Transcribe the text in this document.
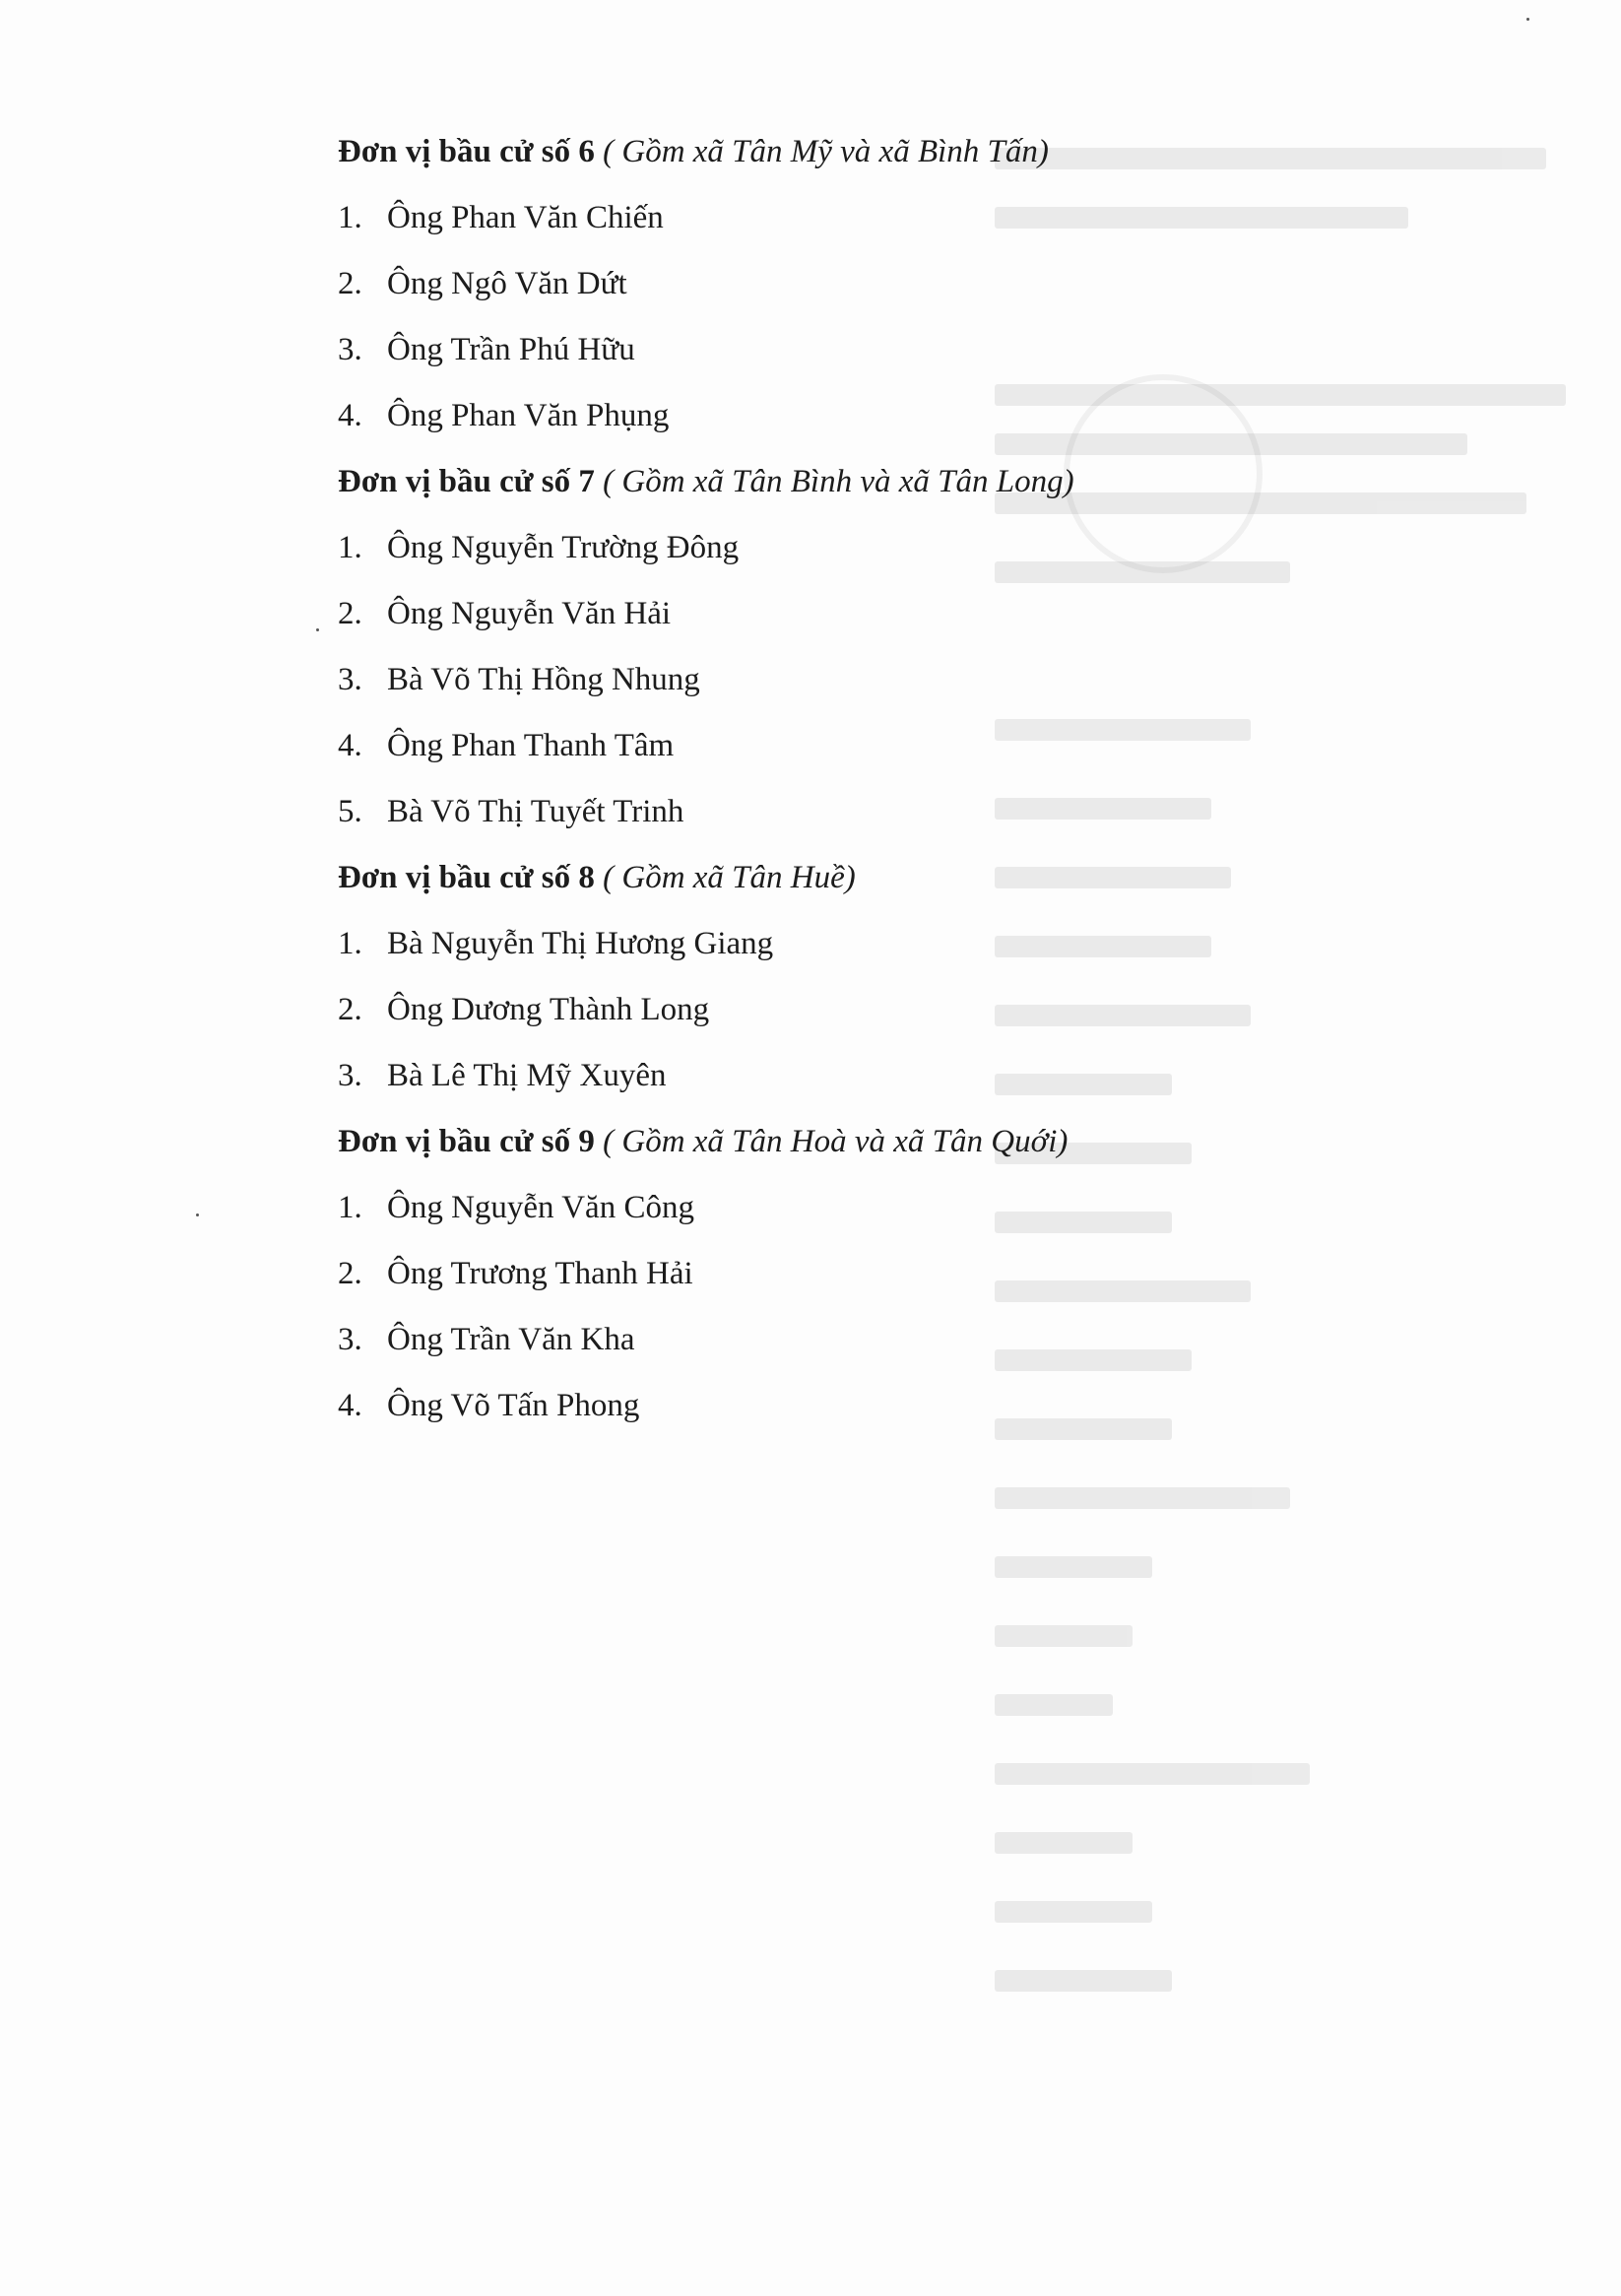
Đơn vị bầu cử số 6 ( Gồm xã Tân Mỹ và xã Bình Tấn)

1. Ông Phan Văn Chiến
2. Ông Ngô Văn Dứt
3. Ông Trần Phú Hữu
4. Ông Phan Văn Phụng

Đơn vị bầu cử số 7 ( Gồm xã Tân Bình và xã Tân Long)

1. Ông Nguyễn Trường Đông
2. Ông Nguyễn Văn Hải
3. Bà Võ Thị Hồng Nhung
4. Ông Phan Thanh Tâm
5. Bà Võ Thị Tuyết Trinh

Đơn vị bầu cử số 8 ( Gồm xã Tân Huề)

1. Bà Nguyễn Thị Hương Giang
2. Ông Dương Thành Long
3. Bà Lê Thị Mỹ Xuyên

Đơn vị bầu cử số 9 ( Gồm xã Tân Hoà và xã Tân Quới)

1. Ông Nguyễn Văn Công
2. Ông Trương Thanh Hải
3. Ông Trần Văn Kha
4. Ông Võ Tấn Phong
